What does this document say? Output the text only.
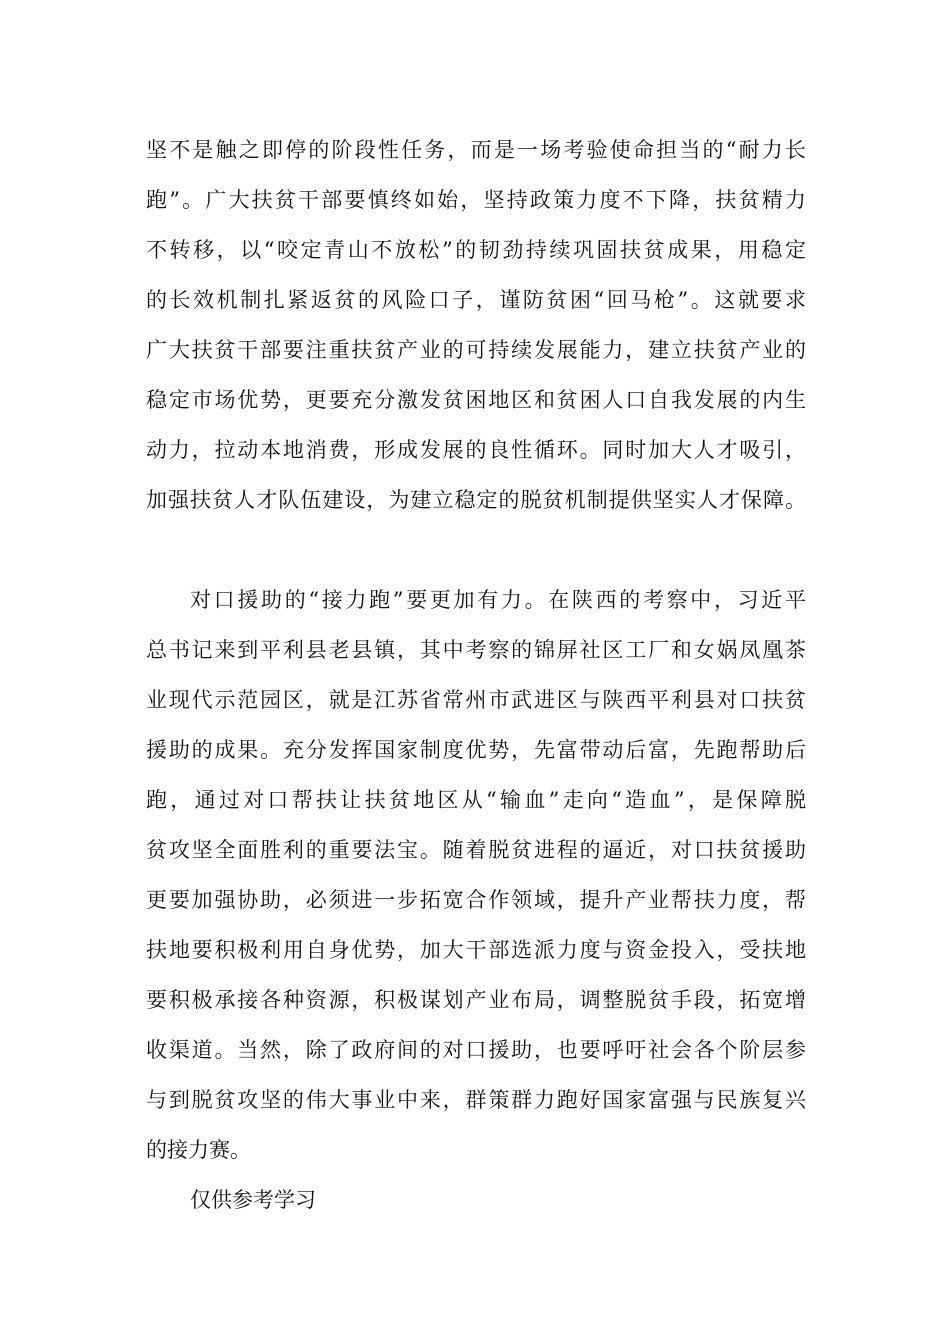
坚不是触之即停的阶段性任务，而是一场考验使命担当的“耐力长
跑”。广大扶贫干部要慎终如始，坚持政策力度不下降，扶贫精力
不转移，以“咬定青山不放松”的韧劲持续巩固扶贫成果，用稳定
的长效机制扎紧返贫的风险口子，谨防贫困“回马枪”。这就要求
广大扶贫干部要注重扶贫产业的可持续发展能力，建立扶贫产业的
稳定市场优势，更要充分激发贫困地区和贫困人口自我发展的内生
动力，拉动本地消费，形成发展的良性循环。同时加大人才吸引，
加强扶贫人才队伍建设，为建立稳定的脱贫机制提供坚实人才保障。
对口援助的“接力跑”要更加有力。在陕西的考察中，习近平
总书记来到平利县老县镇，其中考察的锦屏社区工厂和女娲凤凰茶
业现代示范园区，就是江苏省常州市武进区与陕西平利县对口扶贫
援助的成果。充分发挥国家制度优势，先富带动后富，先跑帮助后
跑，通过对口帮扶让扶贫地区从“输血”走向“造血”，是保障脱
贫攻坚全面胜利的重要法宝。随着脱贫进程的逼近，对口扶贫援助
更要加强协助，必须进一步拓宽合作领域，提升产业帮扶力度，帮
扶地要积极利用自身优势，加大干部选派力度与资金投入，受扶地
要积极承接各种资源，积极谋划产业布局，调整脱贫手段，拓宽增
收渠道。当然，除了政府间的对口援助，也要呼吁社会各个阶层参
与到脱贫攻坚的伟大事业中来，群策群力跑好国家富强与民族复兴
的接力赛。
仅供参考学习
